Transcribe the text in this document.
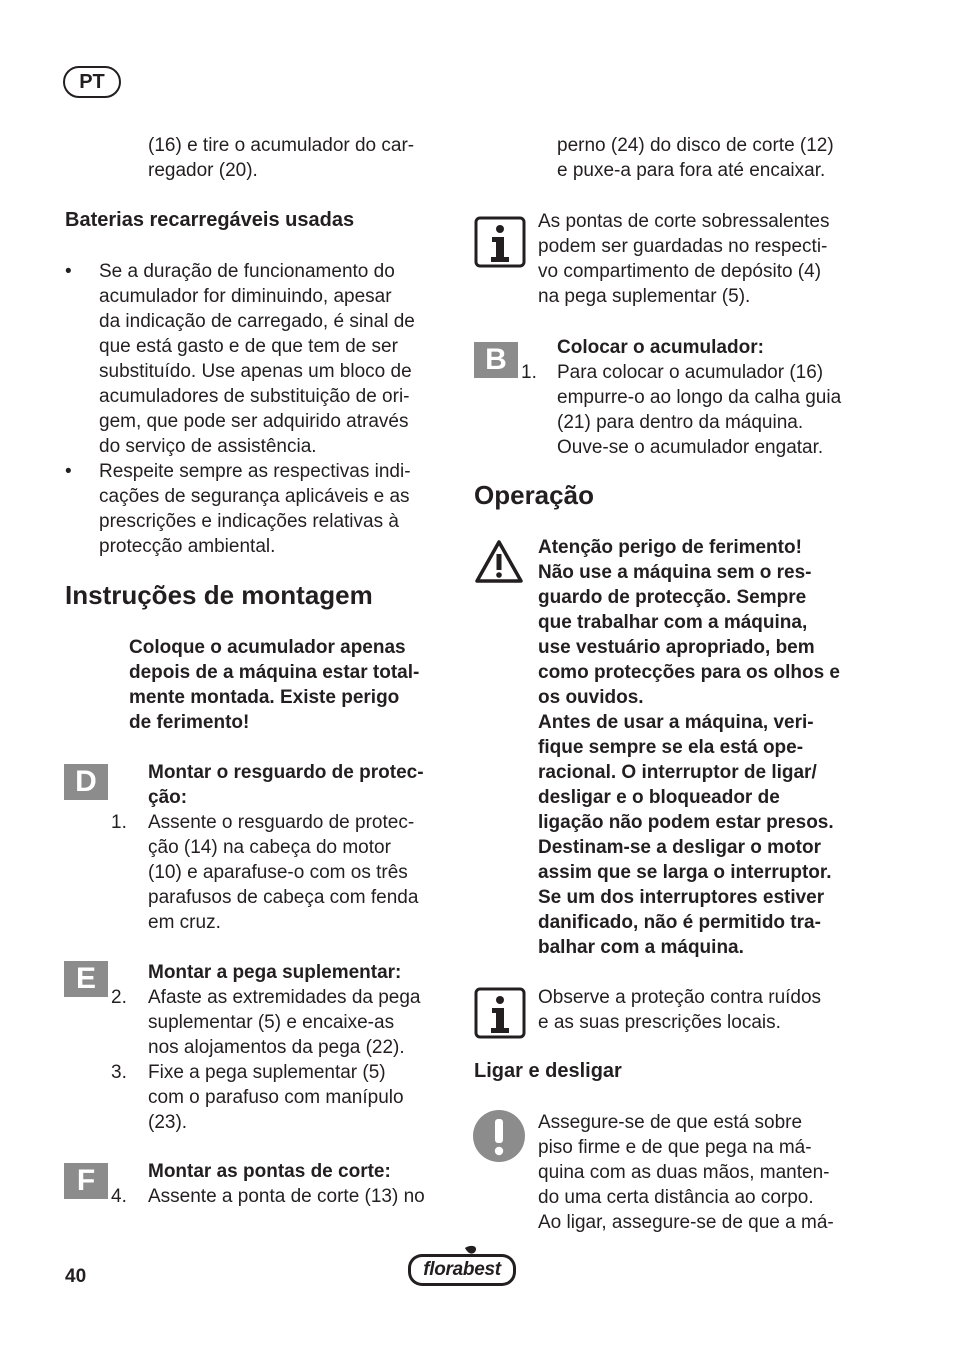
PT
(16) e tire o acumulador do car-
regador (20).
Baterias recarregáveis usadas
• Se a duração de funcionamento do
acumulador for diminuindo, apesar
da indicação de carregado, é sinal de
que está gasto e de que tem de ser
substituído. Use apenas um bloco de
acumuladores de substituição de ori-
gem, que pode ser adquirido através
do serviço de assistência.
• Respeite sempre as respectivas indi-
cações de segurança aplicáveis e as
prescrições e indicações relativas à
protecção ambiental.
Instruções de montagem
Coloque o acumulador apenas
depois de a máquina estar total-
mente montada. Existe perigo
de ferimento!
D	Montar o resguardo de protec-
ção:
1. Assente o resguardo de protec-
ção (14) na cabeça do motor
(10) e aparafuse-o com os três
parafusos de cabeça com fenda
em cruz.
E	Montar a pega suplementar:
2. Afaste as extremidades da pega
suplementar (5) e encaixe-as
nos alojamentos da pega (22).
3. Fixe a pega suplementar (5)
com o parafuso com manípulo
(23).
F	Montar as pontas de corte:
4. Assente a ponta de corte (13) no
perno (24) do disco de corte (12)
e puxe-a para fora até encaixar.
As pontas de corte sobressalentes
podem ser guardadas no respecti-
vo compartimento de depósito (4)
na pega suplementar (5).
B	Colocar o acumulador:
1. Para colocar o acumulador (16)
empurre-o ao longo da calha guia
(21) para dentro da máquina.
Ouve-se o acumulador engatar.
Operação
Atenção perigo de ferimento!
Não use a máquina sem o res-
guardo de protecção. Sempre
que trabalhar com a máquina,
use vestuário apropriado, bem
como protecções para os olhos e
os ouvidos.
Antes de usar a máquina, veri-
fique sempre se ela está ope-
racional. O interruptor de ligar/
desligar e o bloqueador de
ligação não podem estar presos.
Destinam-se a desligar o motor
assim que se larga o interruptor.
Se um dos interruptores estiver
danificado, não é permitido tra-
balhar com a máquina.
Observe a proteção contra ruídos
e as suas prescrições locais.
Ligar e desligar
Assegure-se de que está sobre
piso firme e de que pega na má-
quina com as duas mãos, manten-
do uma certa distância ao corpo.
Ao ligar, assegure-se de que a má-
40	florabest
